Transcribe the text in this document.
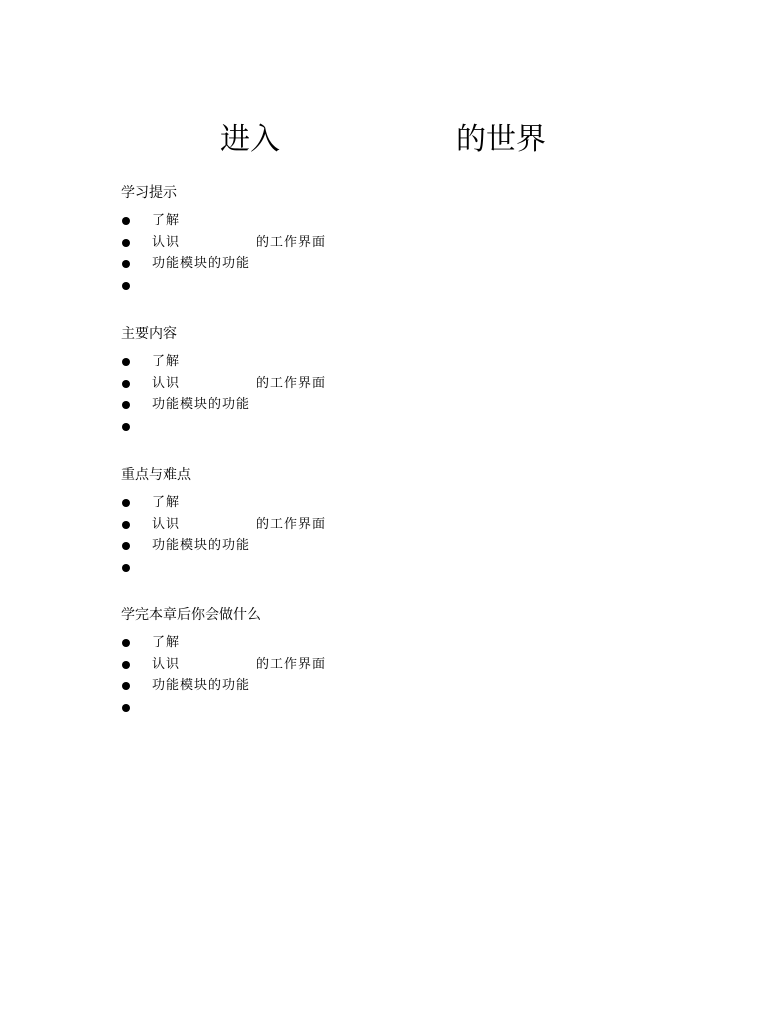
进入	的世界
学习提示
了解
认识	的工作界面
功能模块的功能
主要内容
了解
认识	的工作界面
功能模块的功能
重点与难点
了解
认识	的工作界面
功能模块的功能
学完本章后你会做什么
了解
认识	的工作界面
功能模块的功能
